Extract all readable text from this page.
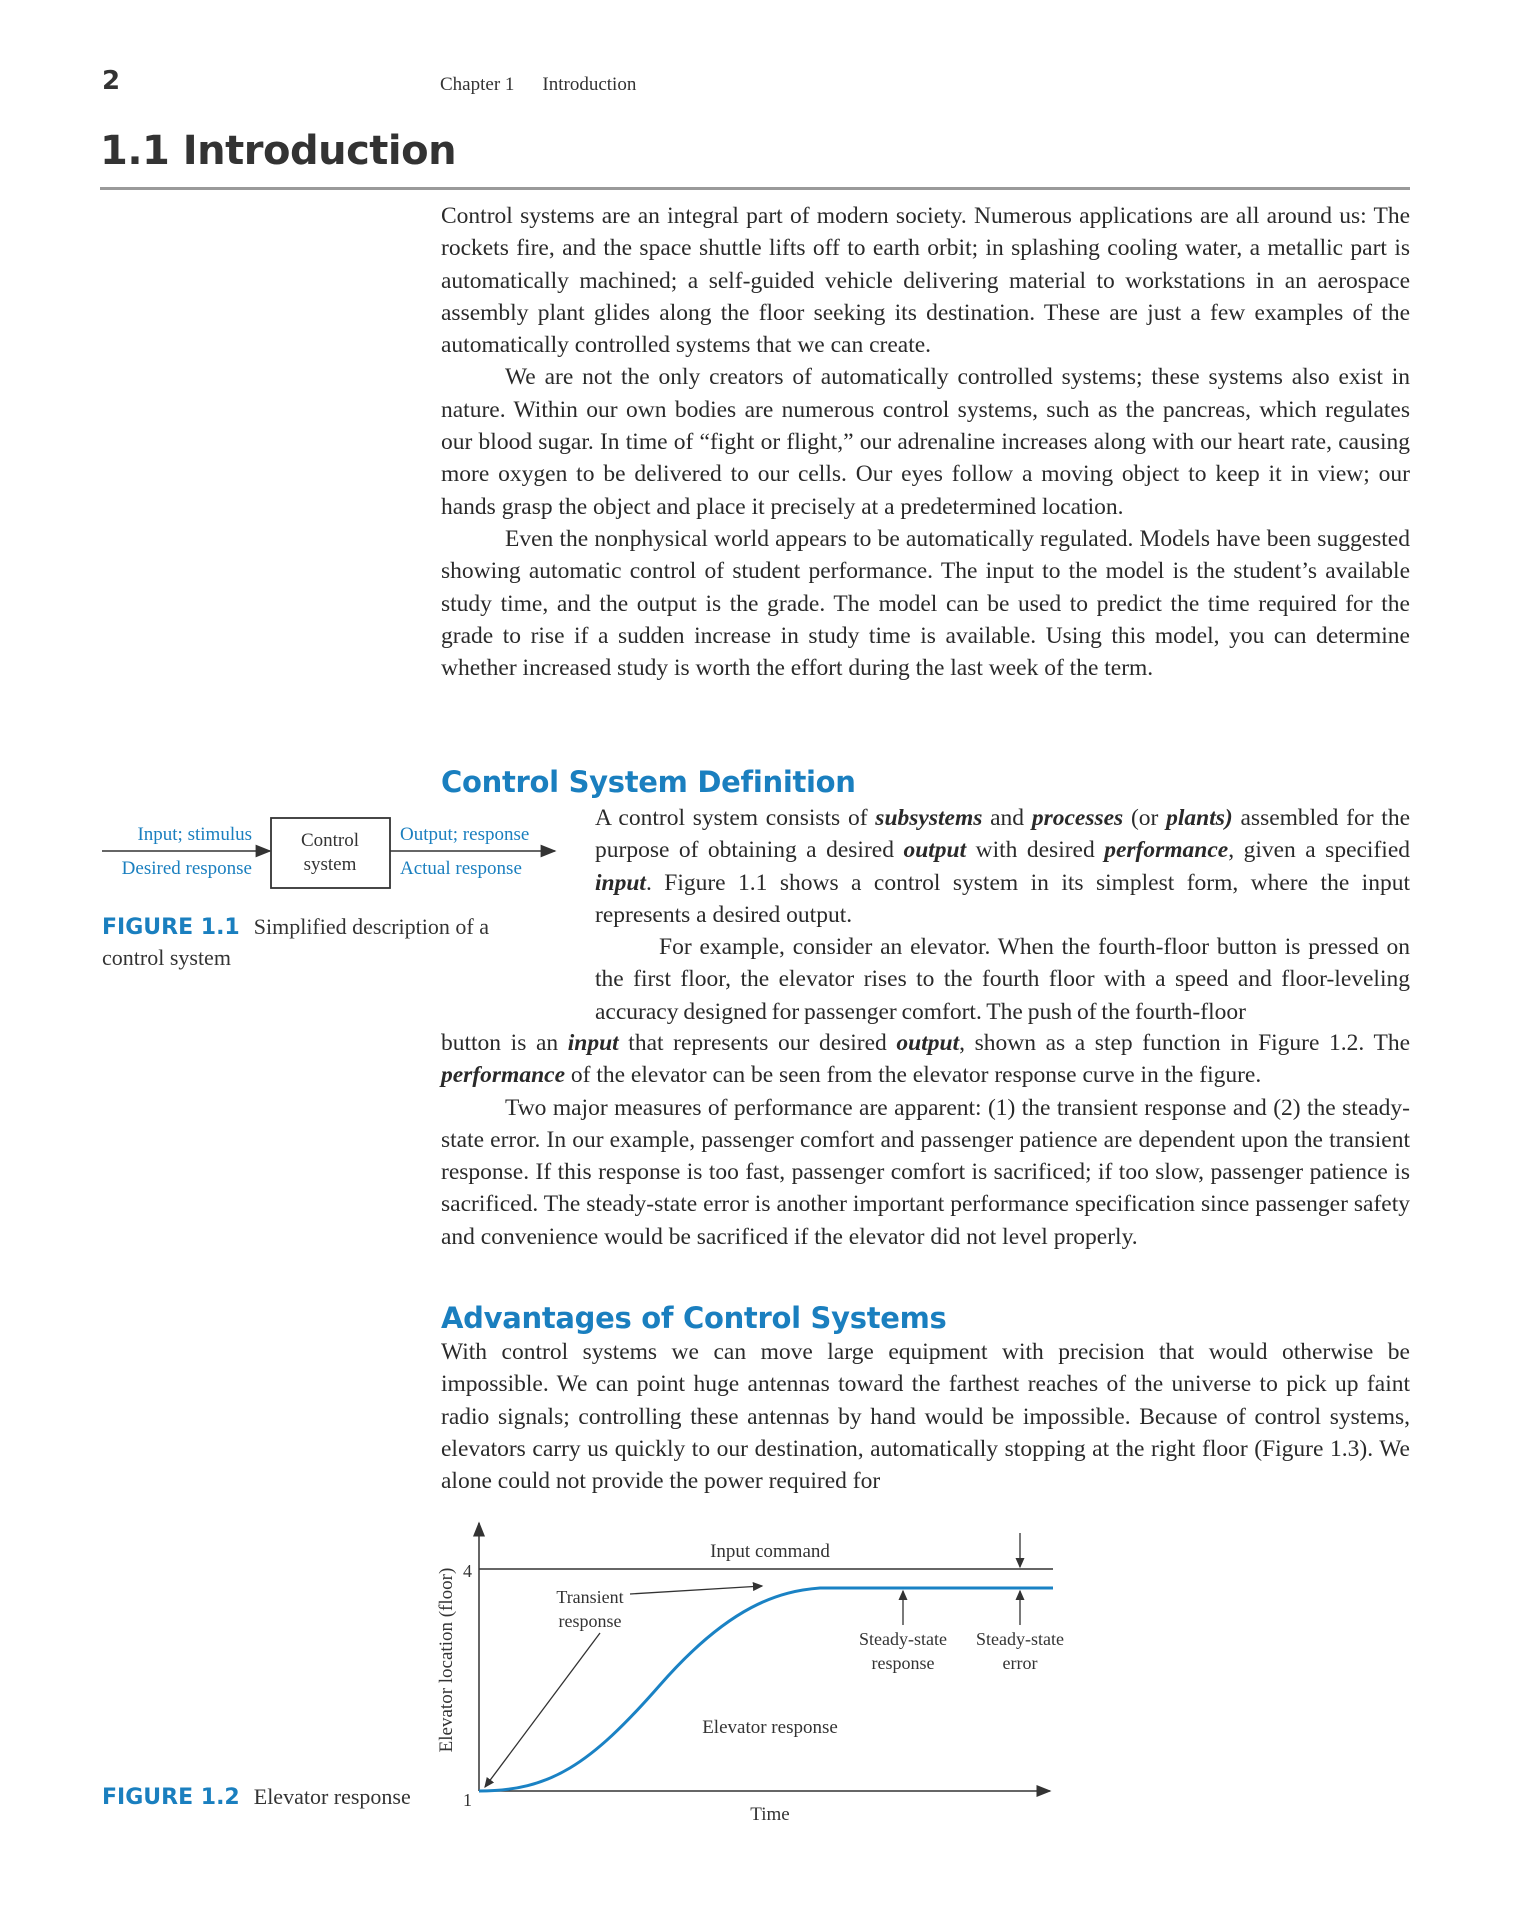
2	Chapter 1 Introduction
1.1 Introduction

Control systems are an integral part of modern society. Numerous applications are all around us: The rockets fire, and the space shuttle lifts off to earth orbit; in splashing cooling water, a metallic part is automatically machined; a self-guided vehicle delivering material to workstations in an aerospace assembly plant glides along the floor seeking its destination. These are just a few examples of the automatically controlled systems that we can create.

We are not the only creators of automatically controlled systems; these systems also exist in nature. Within our own bodies are numerous control systems, such as the pancreas, which regulates our blood sugar. In time of “fight or flight,” our adrenaline increases along with our heart rate, causing more oxygen to be delivered to our cells. Our eyes follow a moving object to keep it in view; our hands grasp the object and place it precisely at a predetermined location.

Even the nonphysical world appears to be automatically regulated. Models have been suggested showing automatic control of student performance. The input to the model is the student’s available study time, and the output is the grade. The model can be used to predict the time required for the grade to rise if a sudden increase in study time is available. Using this model, you can determine whether increased study is worth the effort during the last week of the term.

Control System Definition

A control system consists of subsystems and processes (or plants) assembled for the purpose of obtaining a desired output with desired performance, given a specified input. Figure 1.1 shows a control system in its simplest form, where the input represents a desired output.

For example, consider an elevator. When the fourth-floor button is pressed on the first floor, the elevator rises to the fourth floor with a speed and floor-leveling accuracy designed for passenger comfort. The push of the fourth-floor

button is an input that represents our desired output, shown as a step function in Figure 1.2. The performance of the elevator can be seen from the elevator response curve in the figure.

Two major measures of performance are apparent: (1) the transient response and (2) the steady-state error. In our example, passenger comfort and passenger patience are dependent upon the transient response. If this response is too fast, passenger comfort is sacrificed; if too slow, passenger patience is sacrificed. The steady-state error is another important performance specification since passenger safety and convenience would be sacrificed if the elevator did not level properly.

Advantages of Control Systems

With control systems we can move large equipment with precision that would otherwise be impossible. We can point huge antennas toward the farthest reaches of the universe to pick up faint radio signals; controlling these antennas by hand would be impossible. Because of control systems, elevators carry us quickly to our destination, automatically stopping at the right floor (Figure 1.3). We alone could not provide the power required for

Input; stimulus
Desired response
Control
system
Output; response
Actual response
FIGURE 1.1 Simplified description of a control system
4
1
Elevator location (floor)
Time
Input command
Transient
response
Steady-state
response
Steady-state
error
Elevator response
FIGURE 1.2 Elevator response
